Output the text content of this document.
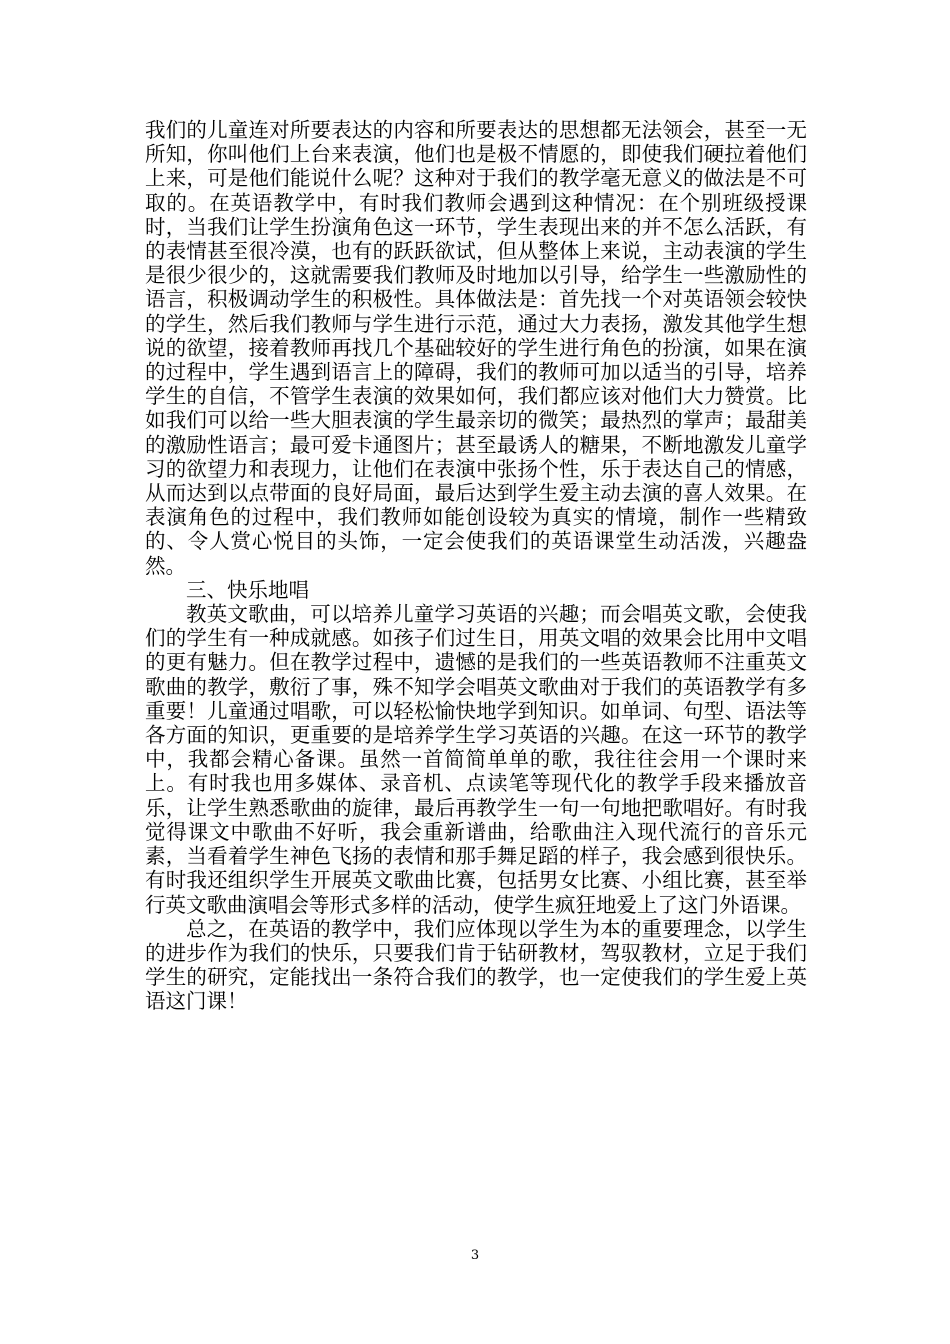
我们的儿童连对所要表达的内容和所要表达的思想都无法领会，甚至一无所知，你叫他们上台来表演，他们也是极不情愿的，即使我们硬拉着他们上来，可是他们能说什么呢？这种对于我们的教学毫无意义的做法是不可取的。在英语教学中，有时我们教师会遇到这种情况：在个别班级授课时，当我们让学生扮演角色这一环节，学生表现出来的并不怎么活跃，有的表情甚至很冷漠，也有的跃跃欲试，但从整体上来说，主动表演的学生是很少很少的，这就需要我们教师及时地加以引导，给学生一些激励性的语言，积极调动学生的积极性。具体做法是：首先找一个对英语领会较快的学生，然后我们教师与学生进行示范，通过大力表扬，激发其他学生想说的欲望，接着教师再找几个基础较好的学生进行角色的扮演，如果在演的过程中，学生遇到语言上的障碍，我们的教师可加以适当的引导，培养学生的自信，不管学生表演的效果如何，我们都应该对他们大力赞赏。比如我们可以给一些大胆表演的学生最亲切的微笑；最热烈的掌声；最甜美的激励性语言；最可爱卡通图片；甚至最诱人的糖果，不断地激发儿童学习的欲望力和表现力，让他们在表演中张扬个性，乐于表达自己的情感，从而达到以点带面的良好局面，最后达到学生爱主动去演的喜人效果。在表演角色的过程中，我们教师如能创设较为真实的情境，制作一些精致的、令人赏心悦目的头饰，一定会使我们的英语课堂生动活泼，兴趣盎然。

三、快乐地唱

教英文歌曲，可以培养儿童学习英语的兴趣；而会唱英文歌，会使我们的学生有一种成就感。如孩子们过生日，用英文唱的效果会比用中文唱的更有魅力。但在教学过程中，遗憾的是我们的一些英语教师不注重英文歌曲的教学，敷衍了事，殊不知学会唱英文歌曲对于我们的英语教学有多重要！儿童通过唱歌，可以轻松愉快地学到知识。如单词、句型、语法等各方面的知识，更重要的是培养学生学习英语的兴趣。在这一环节的教学中，我都会精心备课。虽然一首简简单单的歌，我往往会用一个课时来上。有时我也用多媒体、录音机、点读笔等现代化的教学手段来播放音乐，让学生熟悉歌曲的旋律，最后再教学生一句一句地把歌唱好。有时我觉得课文中歌曲不好听，我会重新谱曲，给歌曲注入现代流行的音乐元素，当看着学生神色飞扬的表情和那手舞足蹈的样子，我会感到很快乐。有时我还组织学生开展英文歌曲比赛，包括男女比赛、小组比赛，甚至举行英文歌曲演唱会等形式多样的活动，使学生疯狂地爱上了这门外语课。

总之，在英语的教学中，我们应体现以学生为本的重要理念，以学生的进步作为我们的快乐，只要我们肯于钻研教材，驾驭教材，立足于我们学生的研究，定能找出一条符合我们的教学，也一定使我们的学生爱上英语这门课！

3
